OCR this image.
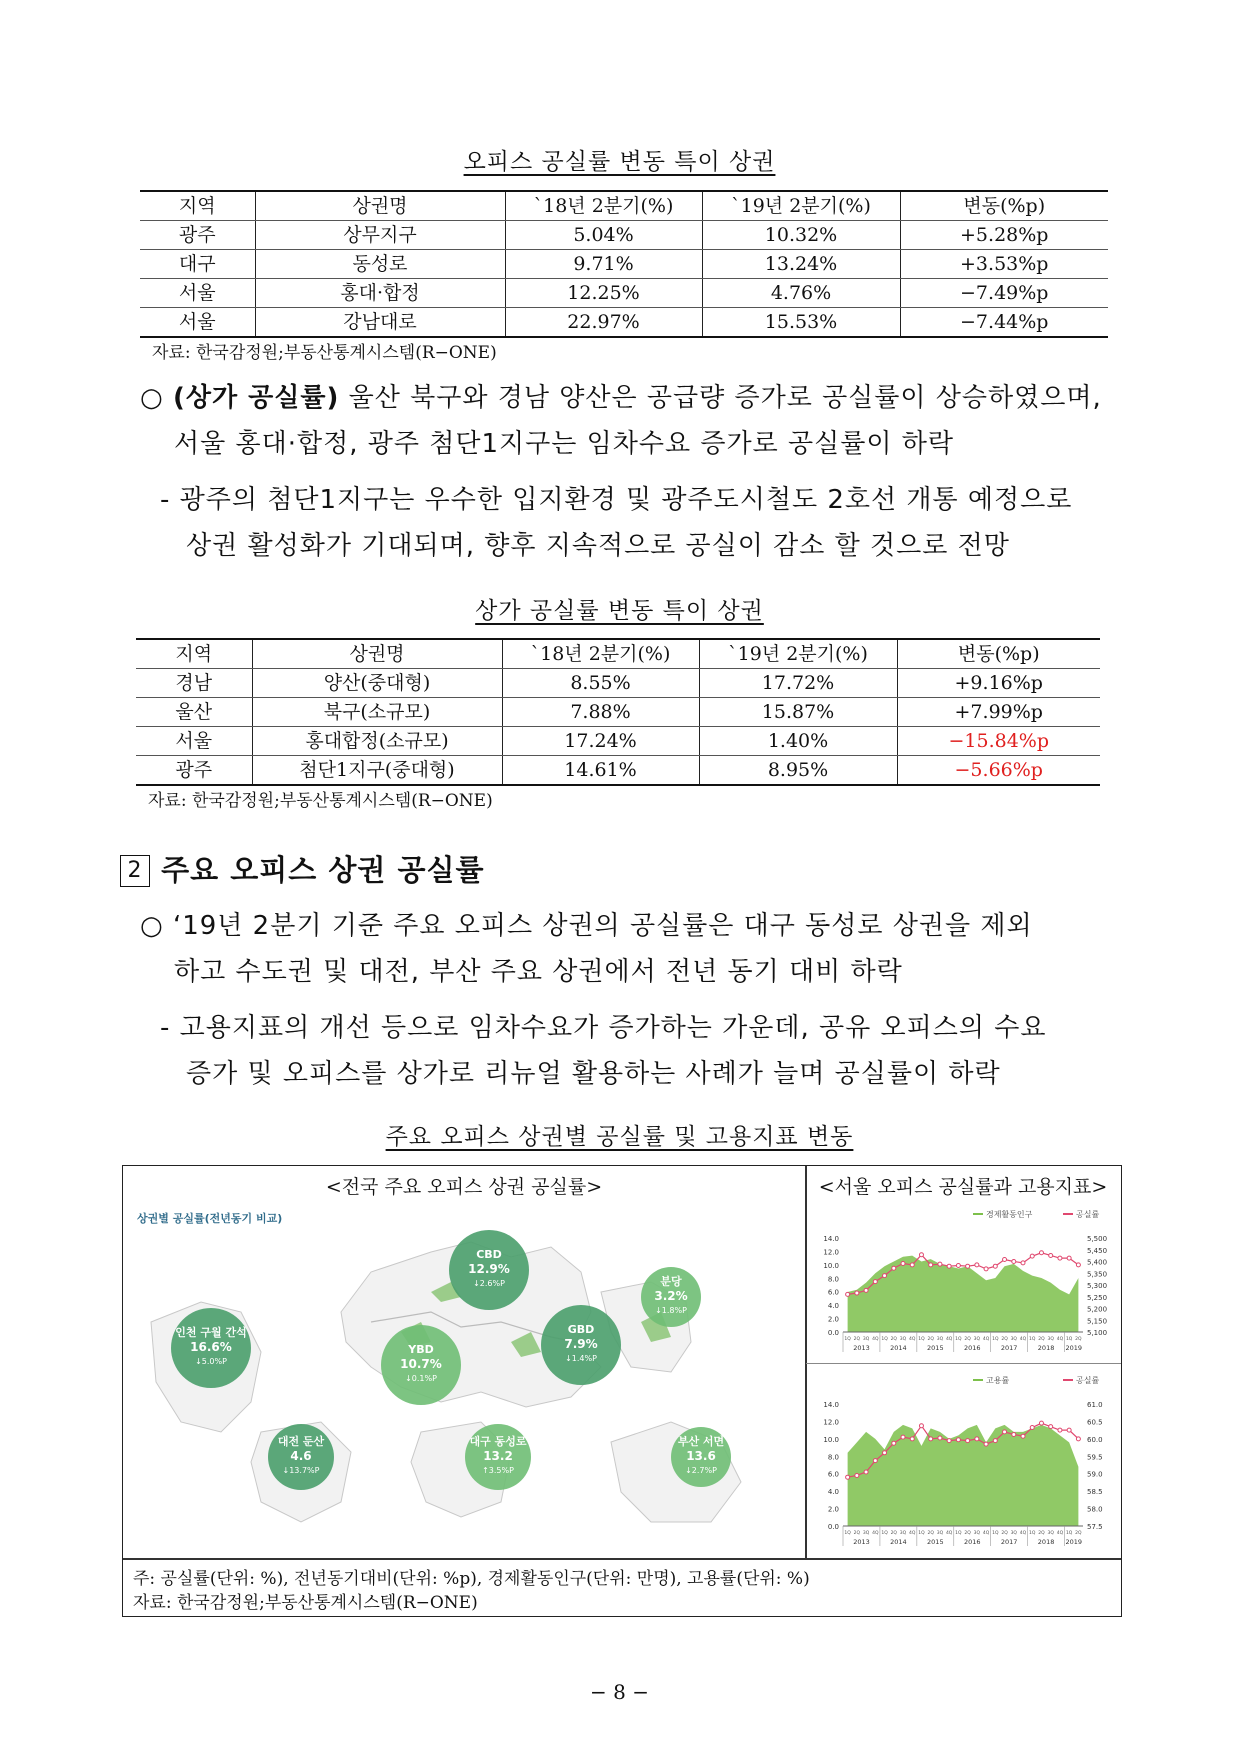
오피스 공실률 변동 특이 상권
지역	상권명	`18년 2분기(%)	`19년 2분기(%)	변동(%p)
광주	상무지구	5.04%	10.32%	+5.28%p
대구	동성로	9.71%	13.24%	+3.53%p
서울	홍대·합정	12.25%	4.76%	−7.49%p
서울	강남대로	22.97%	15.53%	−7.44%p
자료: 한국감정원;부동산통계시스템(R−ONE)
○ (상가 공실률) 울산 북구와 경남 양산은 공급량 증가로 공실률이 상승하였으며,
서울 홍대·합정, 광주 첨단1지구는 임차수요 증가로 공실률이 하락
- 광주의 첨단1지구는 우수한 입지환경 및 광주도시철도 2호선 개통 예정으로
상권 활성화가 기대되며, 향후 지속적으로 공실이 감소 할 것으로 전망
상가 공실률 변동 특이 상권
지역	상권명	`18년 2분기(%)	`19년 2분기(%)	변동(%p)
경남	양산(중대형)	8.55%	17.72%	+9.16%p
울산	북구(소규모)	7.88%	15.87%	+7.99%p
서울	홍대합정(소규모)	17.24%	1.40%	−15.84%p
광주	첨단1지구(중대형)	14.61%	8.95%	−5.66%p
자료: 한국감정원;부동산통계시스템(R−ONE)
2 주요 오피스 상권 공실률
○ ‘19년 2분기 기준 주요 오피스 상권의 공실률은 대구 동성로 상권을 제외
하고 수도권 및 대전, 부산 주요 상권에서 전년 동기 대비 하락
- 고용지표의 개선 등으로 임차수요가 증가하는 가운데, 공유 오피스의 수요
증가 및 오피스를 상가로 리뉴얼 활용하는 사례가 늘며 공실률이 하락
주요 오피스 상권별 공실률 및 고용지표 변동
<전국 주요 오피스 상권 공실률>	<서울 오피스 공실률과 고용지표>
상권별 공실률(전년동기 비교)
CBD
12.9%
↓2.6%P	분당
3.2%
↓1.8%P
인천 구월 간석
16.6%
↓5.0%P
YBD
10.7%
↓0.1%P
GBD
7.9%
↓1.4%P
대전 둔산
4.6
↓13.7%P
대구 동성로
13.2
↑3.5%P
부산 서면
13.6
↓2.7%P
경제활동인구	공실률
0.0
2.0
4.0
6.0
8.0
10.0
12.0
14.0
5,100
5,150
5,200
5,250
5,300
5,350
5,400
5,450
5,500
1Q 2Q 3Q 4Q
2013
1Q 2Q 3Q 4Q
2014
1Q 2Q 3Q 4Q
2015
1Q 2Q 3Q 4Q
2016
1Q 2Q 3Q 4Q
2017
1Q 2Q 3Q 4Q
2018
1Q 2Q
2019
고용률	공실률
0.0
2.0
4.0
6.0
8.0
10.0
12.0
14.0
57.5
58.0
58.5
59.0
59.5
60.0
60.5
61.0
1Q 2Q 3Q 4Q
2013
1Q 2Q 3Q 4Q
2014
1Q 2Q 3Q 4Q
2015
1Q 2Q 3Q 4Q
2016
1Q 2Q 3Q 4Q
2017
1Q 2Q 3Q 4Q
2018
1Q 2Q
2019
주: 공실률(단위: %), 전년동기대비(단위: %p), 경제활동인구(단위: 만명), 고용률(단위: %)
자료: 한국감정원;부동산통계시스템(R−ONE)
− 8 −
